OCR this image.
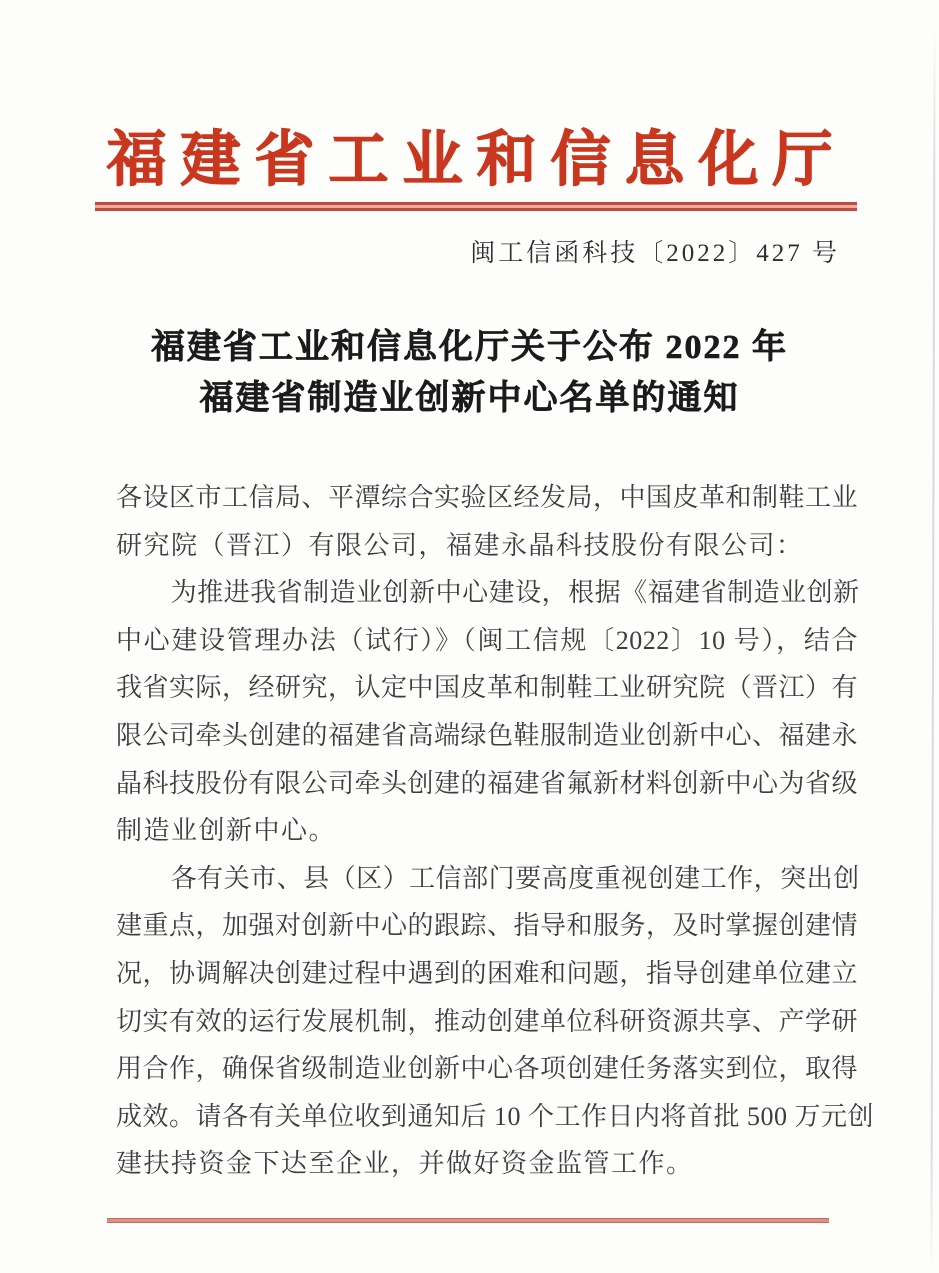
福建省工业和信息化厅
闽工信函科技〔2022〕427 号
福建省工业和信息化厅关于公布 2022 年
福建省制造业创新中心名单的通知
各设区市工信局、平潭综合实验区经发局，中国皮革和制鞋工业
研究院（晋江）有限公司，福建永晶科技股份有限公司：
为推进我省制造业创新中心建设，根据《福建省制造业创新
中心建设管理办法（试行）》（闽工信规〔2022〕10 号），结合
我省实际，经研究，认定中国皮革和制鞋工业研究院（晋江）有
限公司牵头创建的福建省高端绿色鞋服制造业创新中心、福建永
晶科技股份有限公司牵头创建的福建省氟新材料创新中心为省级
制造业创新中心。
各有关市、县（区）工信部门要高度重视创建工作，突出创
建重点，加强对创新中心的跟踪、指导和服务，及时掌握创建情
况，协调解决创建过程中遇到的困难和问题，指导创建单位建立
切实有效的运行发展机制，推动创建单位科研资源共享、产学研
用合作，确保省级制造业创新中心各项创建任务落实到位，取得
成效。请各有关单位收到通知后 10 个工作日内将首批 500 万元创
建扶持资金下达至企业，并做好资金监管工作。
